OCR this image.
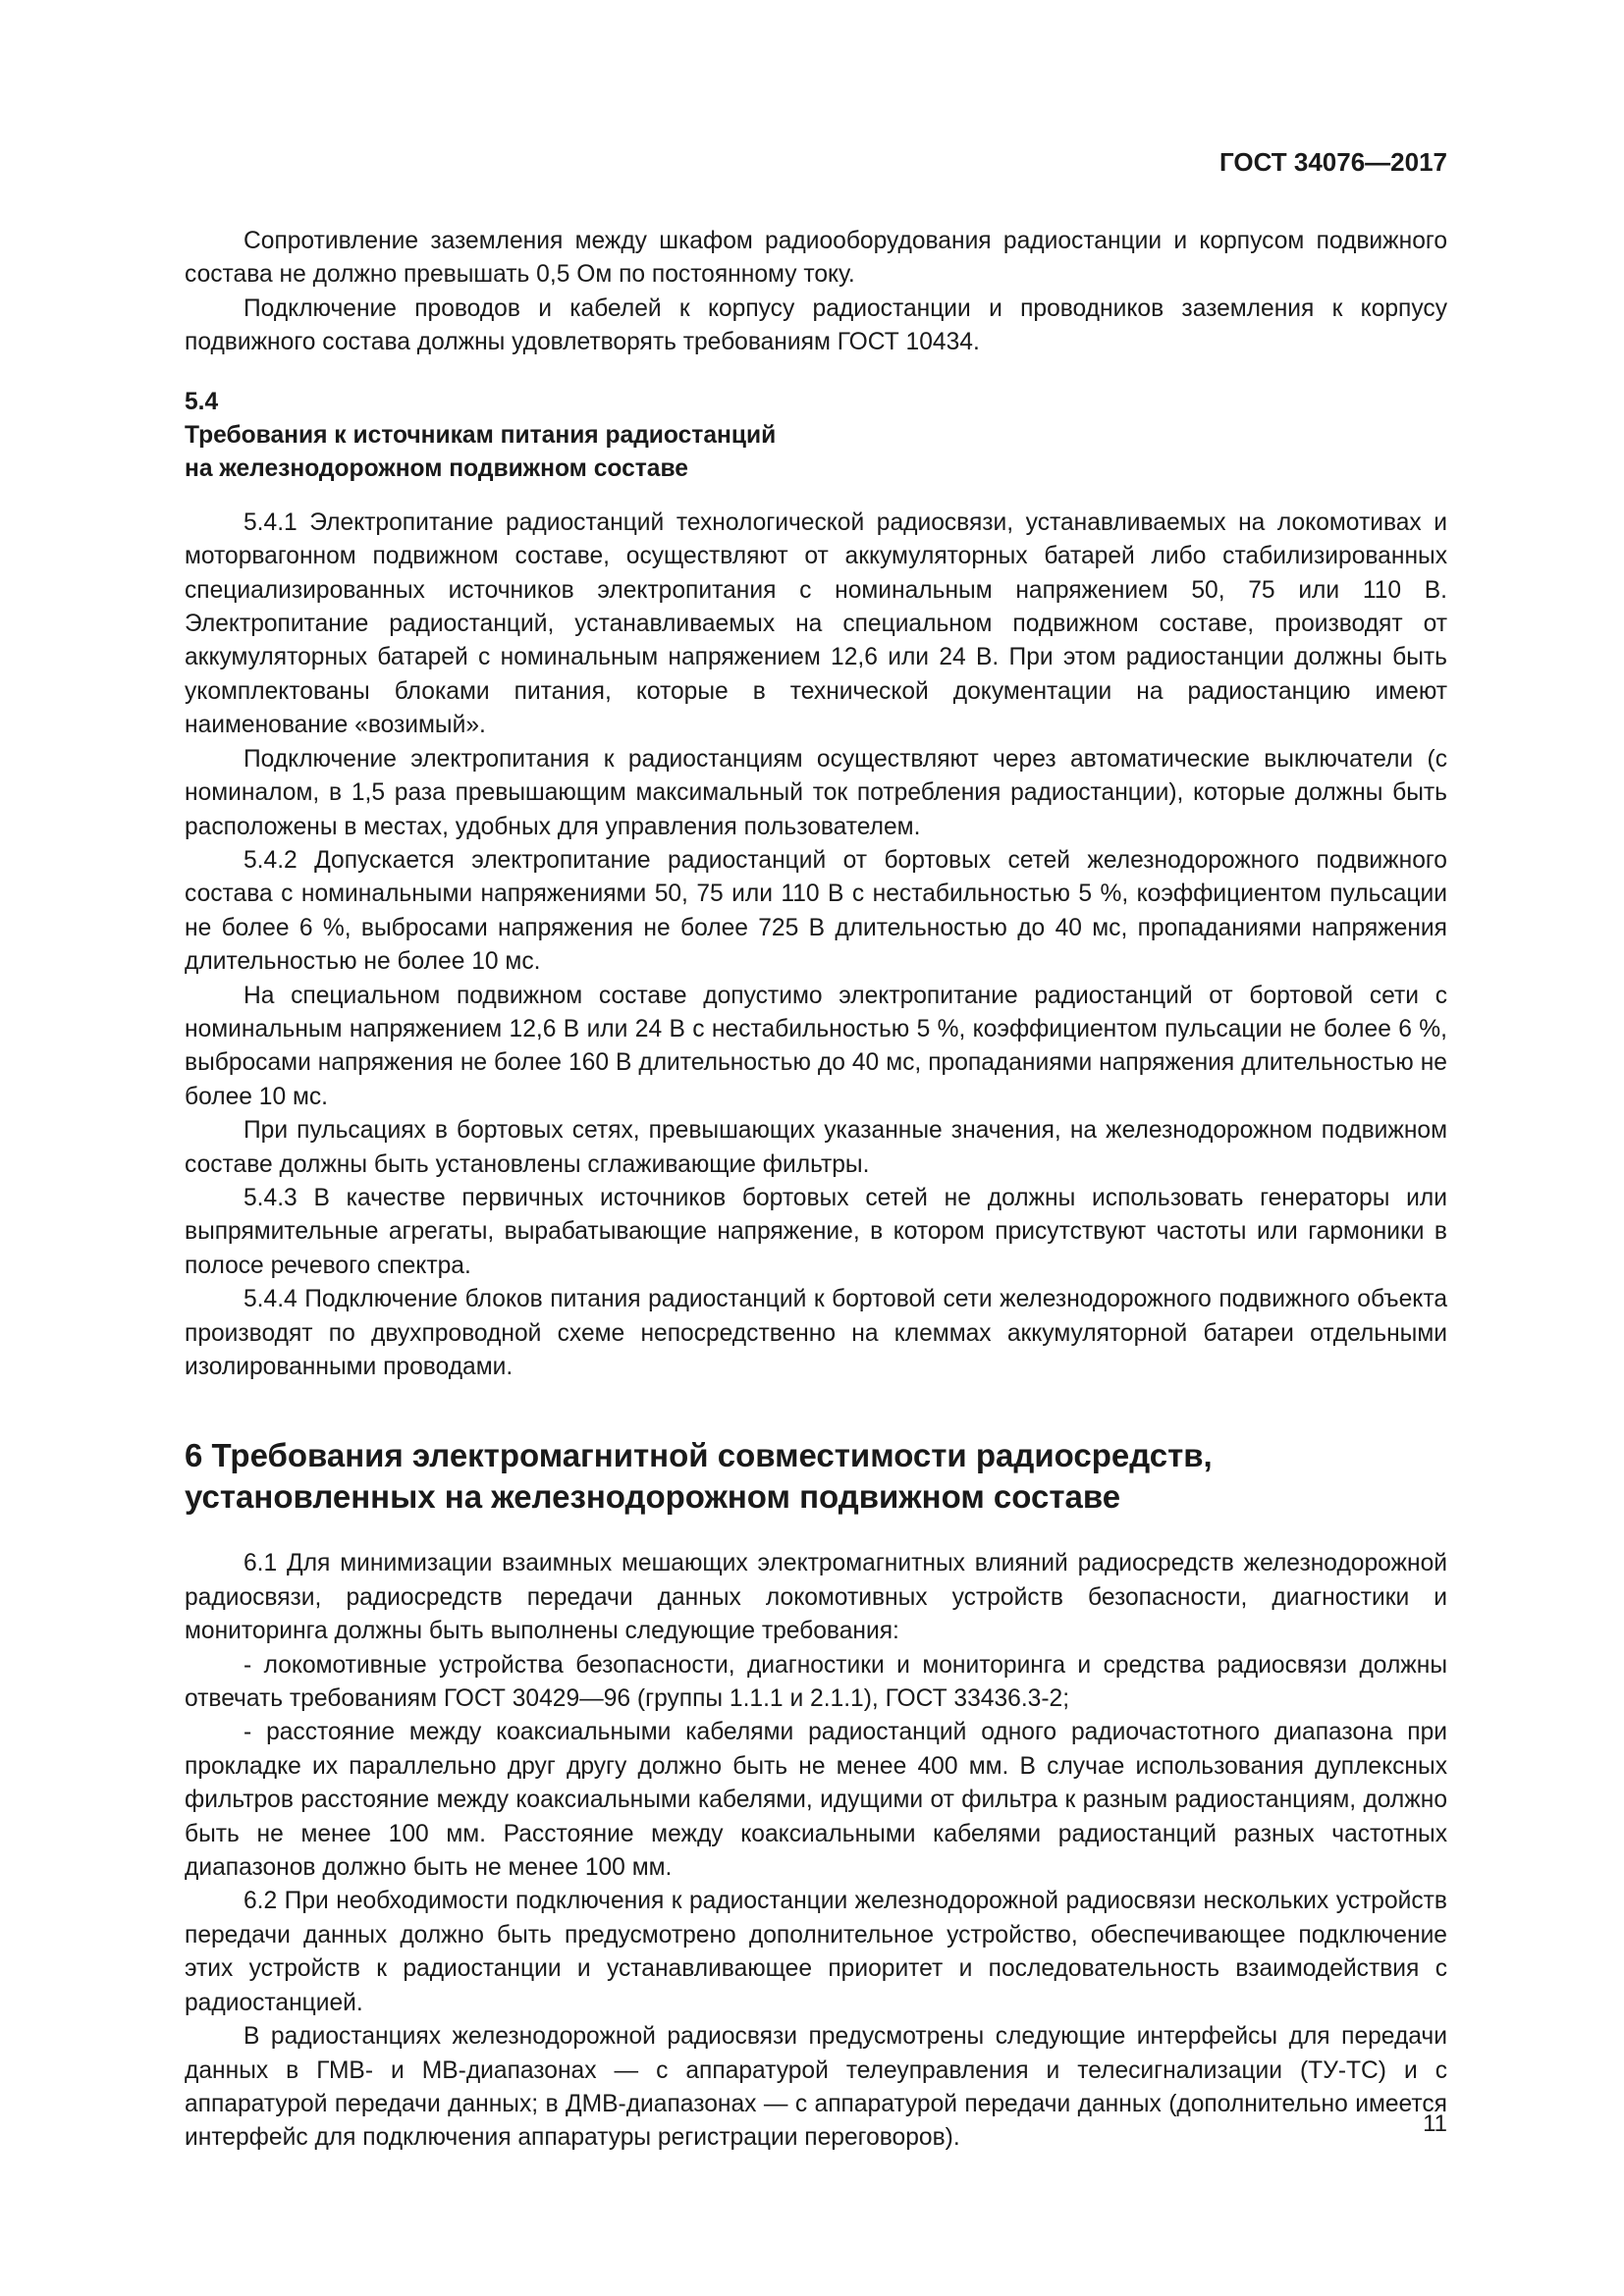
ГОСТ 34076—2017

Сопротивление заземления между шкафом радиооборудования радиостанции и корпусом подвижного состава не должно превышать 0,5 Ом по постоянному току.

Подключение проводов и кабелей к корпусу радиостанции и проводников заземления к корпусу подвижного состава должны удовлетворять требованиям ГОСТ 10434.

5.4
Требования к источникам питания радиостанций
на железнодорожном подвижном составе

5.4.1 Электропитание радиостанций технологической радиосвязи, устанавливаемых на локомотивах и моторвагонном подвижном составе, осуществляют от аккумуляторных батарей либо стабилизированных специализированных источников электропитания с номинальным напряжением 50, 75 или 110 В. Электропитание радиостанций, устанавливаемых на специальном подвижном составе, производят от аккумуляторных батарей с номинальным напряжением 12,6 или 24 В. При этом радиостанции должны быть укомплектованы блоками питания, которые в технической документации на радиостанцию имеют наименование «возимый».

Подключение электропитания к радиостанциям осуществляют через автоматические выключатели (с номиналом, в 1,5 раза превышающим максимальный ток потребления радиостанции), которые должны быть расположены в местах, удобных для управления пользователем.

5.4.2 Допускается электропитание радиостанций от бортовых сетей железнодорожного подвижного состава с номинальными напряжениями 50, 75 или 110 В с нестабильностью 5 %, коэффициентом пульсации не более 6 %, выбросами напряжения не более 725 В длительностью до 40 мс, пропаданиями напряжения длительностью не более 10 мс.

На специальном подвижном составе допустимо электропитание радиостанций от бортовой сети с номинальным напряжением 12,6 В или 24 В с нестабильностью 5 %, коэффициентом пульсации не более 6 %, выбросами напряжения не более 160 В длительностью до 40 мс, пропаданиями напряжения длительностью не более 10 мс.

При пульсациях в бортовых сетях, превышающих указанные значения, на железнодорожном подвижном составе должны быть установлены сглаживающие фильтры.

5.4.3 В качестве первичных источников бортовых сетей не должны использовать генераторы или выпрямительные агрегаты, вырабатывающие напряжение, в котором присутствуют частоты или гармоники в полосе речевого спектра.

5.4.4 Подключение блоков питания радиостанций к бортовой сети железнодорожного подвижного объекта производят по двухпроводной схеме непосредственно на клеммах аккумуляторной батареи отдельными изолированными проводами.

6 Требования электромагнитной совместимости радиосредств,
установленных на железнодорожном подвижном составе

6.1 Для минимизации взаимных мешающих электромагнитных влияний радиосредств железнодорожной радиосвязи, радиосредств передачи данных локомотивных устройств безопасности, диагностики и мониторинга должны быть выполнены следующие требования:

- локомотивные устройства безопасности, диагностики и мониторинга и средства радиосвязи должны отвечать требованиям ГОСТ 30429—96 (группы 1.1.1 и 2.1.1), ГОСТ 33436.3-2;

- расстояние между коаксиальными кабелями радиостанций одного радиочастотного диапазона при прокладке их параллельно друг другу должно быть не менее 400 мм. В случае использования дуплексных фильтров расстояние между коаксиальными кабелями, идущими от фильтра к разным радиостанциям, должно быть не менее 100 мм. Расстояние между коаксиальными кабелями радиостанций разных частотных диапазонов должно быть не менее 100 мм.

6.2 При необходимости подключения к радиостанции железнодорожной радиосвязи нескольких устройств передачи данных должно быть предусмотрено дополнительное устройство, обеспечивающее подключение этих устройств к радиостанции и устанавливающее приоритет и последовательность взаимодействия с радиостанцией.

В радиостанциях железнодорожной радиосвязи предусмотрены следующие интерфейсы для передачи данных в ГМВ- и МВ-диапазонах — с аппаратурой телеуправления и телесигнализации (ТУ-ТС) и с аппаратурой передачи данных; в ДМВ-диапазонах — с аппаратурой передачи данных (дополнительно имеется интерфейс для подключения аппаратуры регистрации переговоров).

11
